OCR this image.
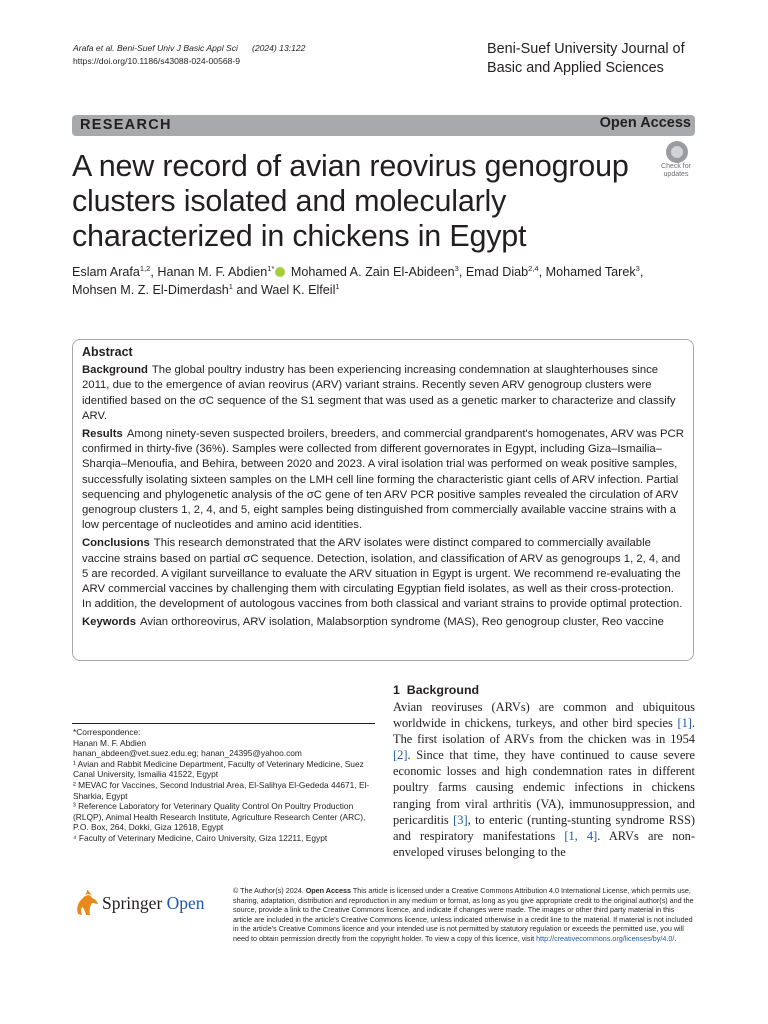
Arafa et al. Beni-Suef Univ J Basic Appl Sci (2024) 13:122
https://doi.org/10.1186/s43088-024-00568-9
Beni-Suef University Journal of
Basic and Applied Sciences
RESEARCH	Open Access
A new record of avian reovirus genogroup clusters isolated and molecularly characterized in chickens in Egypt
Check for
updates
Eslam Arafa$^{1,2}$, Hanan M. F. Abdien$^{1*}$ Mohamed A. Zain El-Abideen$^3$, Emad Diab$^{2,4}$, Mohamed Tarek$^3$,
Mohsen M. Z. El-Dimerdash$^1$ and Wael K. Elfeil$^1$
Abstract

Background The global poultry industry has been experiencing increasing condemnation at slaughterhouses since 2011, due to the emergence of avian reovirus (ARV) variant strains. Recently seven ARV genogroup clusters were identified based on the σC sequence of the S1 segment that was used as a genetic marker to characterize and classify ARV.

Results Among ninety-seven suspected broilers, breeders, and commercial grandparent's homogenates, ARV was PCR confirmed in thirty-five (36%). Samples were collected from different governorates in Egypt, including Giza–Ismailia–Sharqia–Menoufia, and Behira, between 2020 and 2023. A viral isolation trial was performed on weak positive samples, successfully isolating sixteen samples on the LMH cell line forming the characteristic giant cells of ARV infection. Partial sequencing and phylogenetic analysis of the σC gene of ten ARV PCR positive samples revealed the circulation of ARV genogroup clusters 1, 2, 4, and 5, eight samples being distinguished from commercially available vaccine strains with a low percentage of nucleotides and amino acid identities.

Conclusions This research demonstrated that the ARV isolates were distinct compared to commercially available vaccine strains based on partial σC sequence. Detection, isolation, and classification of ARV as genogroups 1, 2, 4, and 5 are recorded. A vigilant surveillance to evaluate the ARV situation in Egypt is urgent. We recommend re-evaluating the ARV commercial vaccines by challenging them with circulating Egyptian field isolates, as well as their cross-protection. In addition, the development of autologous vaccines from both classical and variant strains to provide optimal protection.

Keywords Avian orthoreovirus, ARV isolation, Malabsorption syndrome (MAS), Reo genogroup cluster, Reo vaccine

1 Background
Avian reoviruses (ARVs) are common and ubiquitous worldwide in chickens, turkeys, and other bird species [1]. The first isolation of ARVs from the chicken was in 1954 [2]. Since that time, they have continued to cause severe economic losses and high condemnation rates in different poultry farms causing endemic infections in chickens ranging from viral arthritis (VA), immunosuppression, and pericarditis [3], to enteric (runting-stunting syndrome RSS) and respiratory manifestations [1, 4]. ARVs are non-enveloped viruses belonging to the

*Correspondence:

Hanan M. F. Abdien

hanan_abdeen@vet.suez.edu.eg; hanan_24395@yahoo.com

¹ Avian and Rabbit Medicine Department, Faculty of Veterinary Medicine, Suez Canal University, Ismailia 41522, Egypt

² MEVAC for Vaccines, Second Industrial Area, El-Salihya El-Gededa 44671, El-Sharkia, Egypt

³ Reference Laboratory for Veterinary Quality Control On Poultry Production (RLQP), Animal Health Research Institute, Agriculture Research Center (ARC), P.O. Box, 264, Dokki, Giza 12618, Egypt

⁴ Faculty of Veterinary Medicine, Cairo University, Giza 12211, Egypt

Springer Open
© The Author(s) 2024. Open Access This article is licensed under a Creative Commons Attribution 4.0 International License, which permits use, sharing, adaptation, distribution and reproduction in any medium or format, as long as you give appropriate credit to the original author(s) and the source, provide a link to the Creative Commons licence, and indicate if changes were made. The images or other third party material in this article are included in the article's Creative Commons licence, unless indicated otherwise in a credit line to the material. If material is not included in the article's Creative Commons licence and your intended use is not permitted by statutory regulation or exceeds the permitted use, you will need to obtain permission directly from the copyright holder. To view a copy of this licence, visit http://creativecommons.org/licenses/by/4.0/.
